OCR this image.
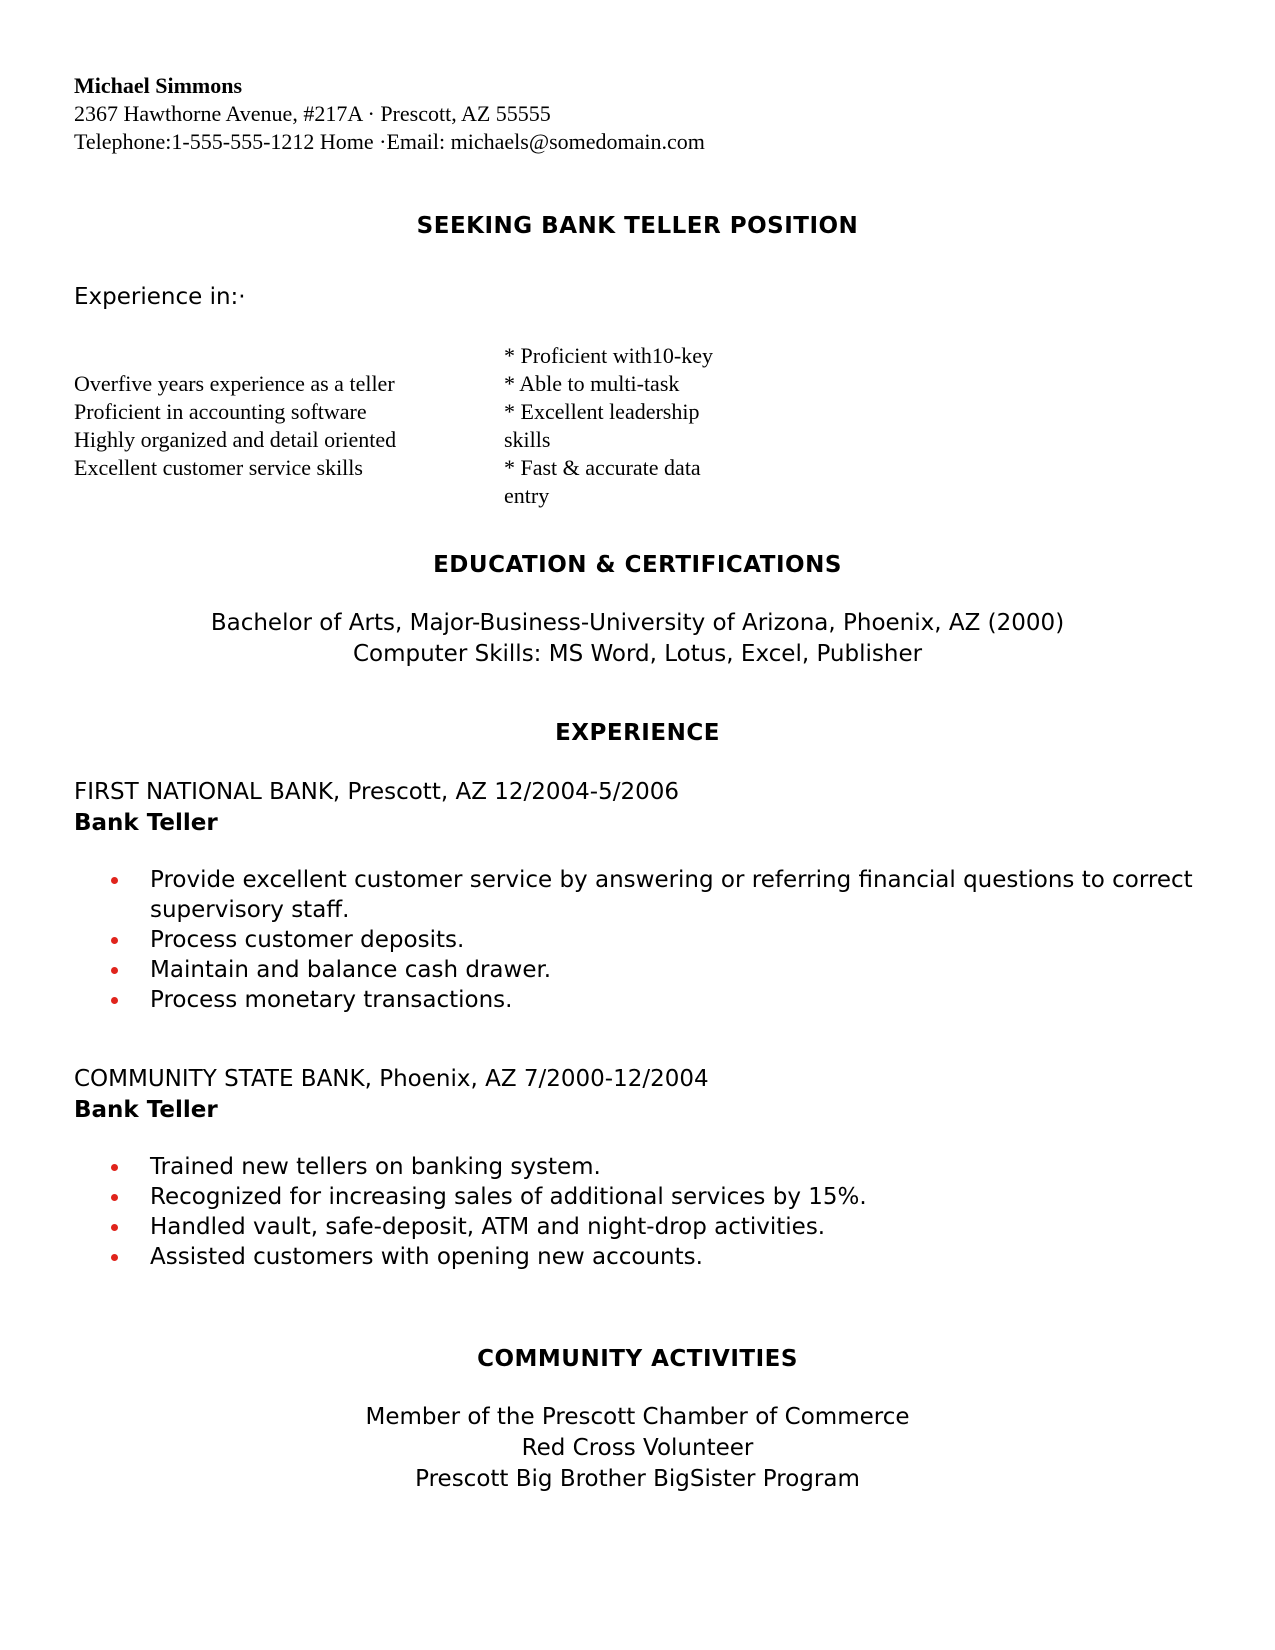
Michael Simmons
2367 Hawthorne Avenue, #217A · Prescott, AZ 55555
Telephone:1-555-555-1212 Home ·Email: michaels@somedomain.com
SEEKING BANK TELLER POSITION
Experience in:·
Overfive years experience as a teller
Proficient in accounting software
Highly organized and detail oriented
Excellent customer service skills
* Proficient with10-key
* Able to multi-task
* Excellent leadership skills
* Fast & accurate data entry
EDUCATION & CERTIFICATIONS
Bachelor of Arts, Major-Business-University of Arizona, Phoenix, AZ (2000)
Computer Skills: MS Word, Lotus, Excel, Publisher
EXPERIENCE
FIRST NATIONAL BANK, Prescott, AZ 12/2004-5/2006
Bank Teller
Provide excellent customer service by answering or referring financial questions to correct supervisory staff.
Process customer deposits.
Maintain and balance cash drawer.
Process monetary transactions.
COMMUNITY STATE BANK, Phoenix, AZ 7/2000-12/2004
Bank Teller
Trained new tellers on banking system.
Recognized for increasing sales of additional services by 15%.
Handled vault, safe-deposit, ATM and night-drop activities.
Assisted customers with opening new accounts.
COMMUNITY ACTIVITIES
Member of the Prescott Chamber of Commerce
Red Cross Volunteer
Prescott Big Brother BigSister Program
